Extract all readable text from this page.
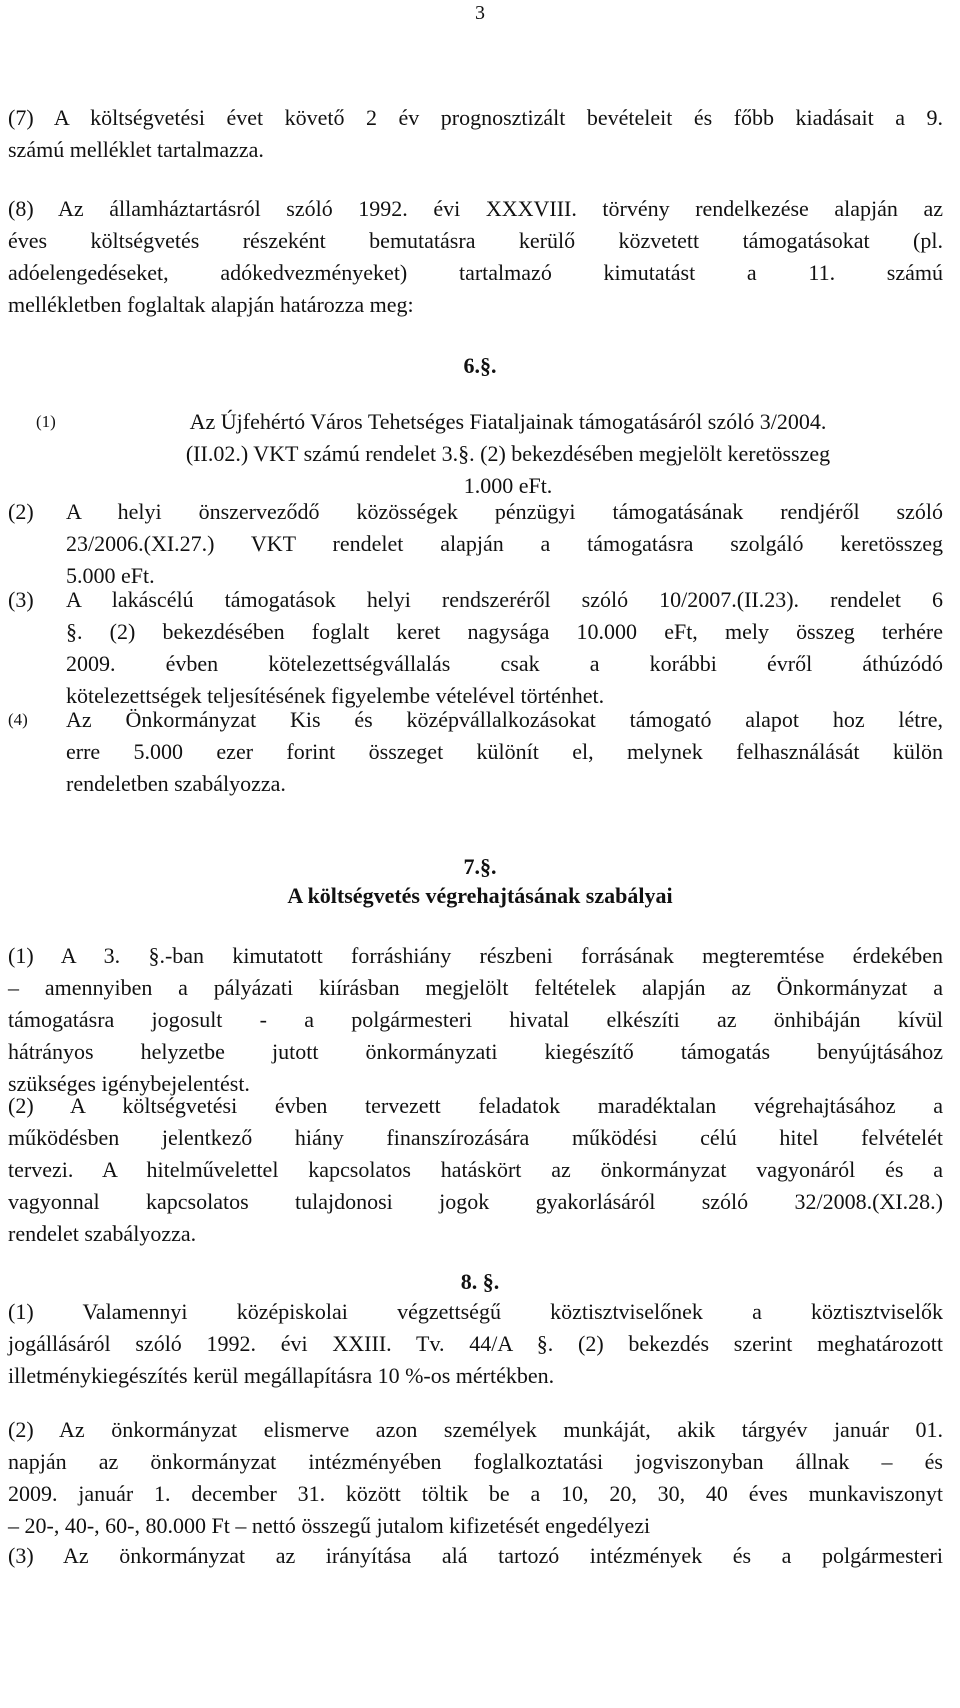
3
(7) A költségvetési évet követő 2 év prognosztizált bevételeit és főbb kiadásait a 9.
számú melléklet tartalmazza.
(8) Az államháztartásról szóló 1992. évi XXXVIII. törvény rendelkezése alapján az
éves költségvetés részeként bemutatásra kerülő közvetett támogatásokat (pl.
adóelengedéseket, adókedvezményeket) tartalmazó kimutatást a 11. számú
mellékletben foglaltak alapján határozza meg:
6.§.
(1)	Az Újfehértó Város Tehetséges Fiataljainak támogatásáról szóló 3/2004.
(II.02.) VKT számú rendelet 3.§. (2) bekezdésében megjelölt keretösszeg
1.000 eFt.
(2) A helyi önszerveződő közösségek pénzügyi támogatásának rendjéről szóló
23/2006.(XI.27.) VKT rendelet alapján a támogatásra szolgáló keretösszeg
5.000 eFt.
(3) A lakáscélú támogatások helyi rendszeréről szóló 10/2007.(II.23). rendelet 6
§. (2) bekezdésében foglalt keret nagysága 10.000 eFt, mely összeg terhére
2009. évben kötelezettségvállalás csak a korábbi évről áthúzódó
kötelezettségek teljesítésének figyelembe vételével történhet.
(4) Az Önkormányzat Kis és középvállalkozásokat támogató alapot hoz létre,
erre 5.000 ezer forint összeget különít el, melynek felhasználását külön
rendeletben szabályozza.
7.§.
A költségvetés végrehajtásának szabályai
(1) A 3. §.-ban kimutatott forráshiány részbeni forrásának megteremtése érdekében
– amennyiben a pályázati kiírásban megjelölt feltételek alapján az Önkormányzat a
támogatásra jogosult - a polgármesteri hivatal elkészíti az önhibáján kívül
hátrányos helyzetbe jutott önkormányzati kiegészítő támogatás benyújtásához
szükséges igénybejelentést.
(2) A költségvetési évben tervezett feladatok maradéktalan végrehajtásához a
működésben jelentkező hiány finanszírozására működési célú hitel felvételét
tervezi. A hitelművelettel kapcsolatos hatáskört az önkormányzat vagyonáról és a
vagyonnal kapcsolatos tulajdonosi jogok gyakorlásáról szóló 32/2008.(XI.28.)
rendelet szabályozza.
8. §.
(1) Valamennyi középiskolai végzettségű köztisztviselőnek a köztisztviselők
jogállásáról szóló 1992. évi XXIII. Tv. 44/A §. (2) bekezdés szerint meghatározott
illetménykiegészítés kerül megállapításra 10 %-os mértékben.
(2) Az önkormányzat elismerve azon személyek munkáját, akik tárgyév január 01.
napján az önkormányzat intézményében foglalkoztatási jogviszonyban állnak – és
2009. január 1. december 31. között töltik be a 10, 20, 30, 40 éves munkaviszonyt
– 20-, 40-, 60-, 80.000 Ft – nettó összegű jutalom kifizetését engedélyezi
(3) Az önkormányzat az irányítása alá tartozó intézmények és a polgármesteri
